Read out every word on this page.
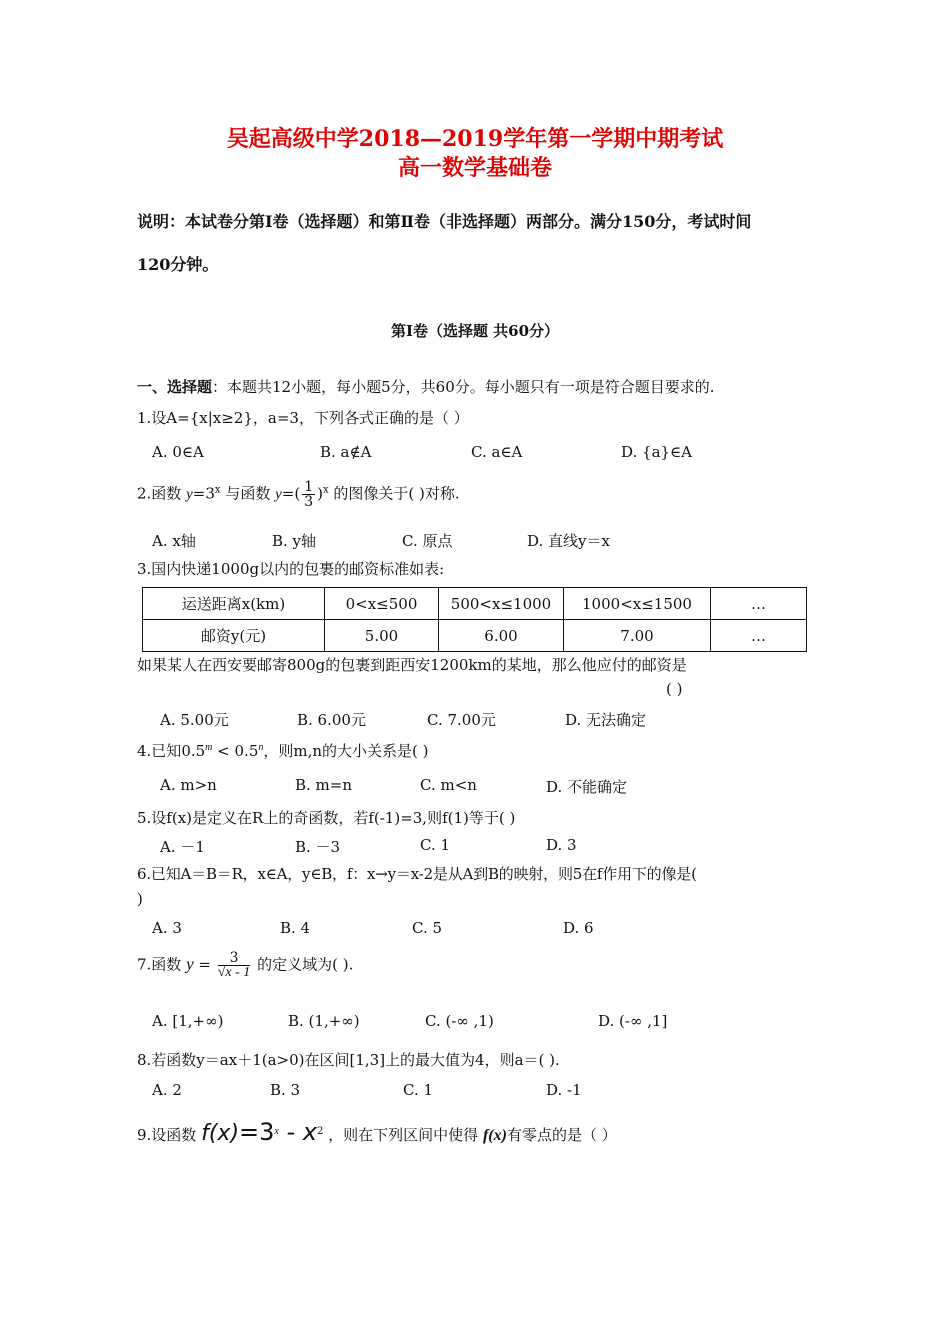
吴起高级中学2018—2019学年第一学期中期考试
高一数学基础卷
说明：本试卷分第Ⅰ卷（选择题）和第Ⅱ卷（非选择题）两部分。满分150分，考试时间
120分钟。
第Ⅰ卷（选择题 共60分）
一、选择题：本题共12小题，每小题5分，共60分。每小题只有一项是符合题目要求的.
1.设A={x|x≥2}，a=3，下列各式正确的是（ ）
A. 0∈A	B. a∉A	C. a∈A	D. {a}∈A
2.函数 $y=3^x$ 与函数 $y=( \frac{1}{3} )^x$ 的图像关于( )对称.
A. x轴	B. y轴	C. 原点	D. 直线y＝x
3.国内快递1000g以内的包裹的邮资标准如表:
运送距离x(km)	0<x≤500	500<x≤1000	1000<x≤1500	…
邮资y(元)	5.00	6.00	7.00	…
如果某人在西安要邮寄800g的包裹到距西安1200km的某地，那么他应付的邮资是
( )
A. 5.00元	B. 6.00元	C. 7.00元	D. 无法确定
4.已知$0.5^m < 0.5^n$，则m,n的大小关系是( )
A. m>n	B. m=n	C. m<n	D. 不能确定
5.设f(x)是定义在R上的奇函数，若f(-1)=3,则f(1)等于( )
A. －1	B. －3	C. 1	D. 3
6.已知A＝B＝R，x∈A，y∈B，f：x→y＝x-2是从A到B的映射，则5在f作用下的像是(
)
A. 3	B. 4	C. 5	D. 6
7.函数 $y = \frac{3}{√x - 1}$ 的定义域为( ).
A. [1,+∞)	B. (1,+∞)	C. (-∞ ,1)	D. (-∞ ,1]
8.若函数y＝ax＋1(a>0)在区间[1,3]上的最大值为4，则a＝( ).
A. 2	B. 3	C. 1	D. -1
9.设函数 $f(x)=3^x - x^2$ ，则在下列区间中使得 f(x)有零点的是（ ）
